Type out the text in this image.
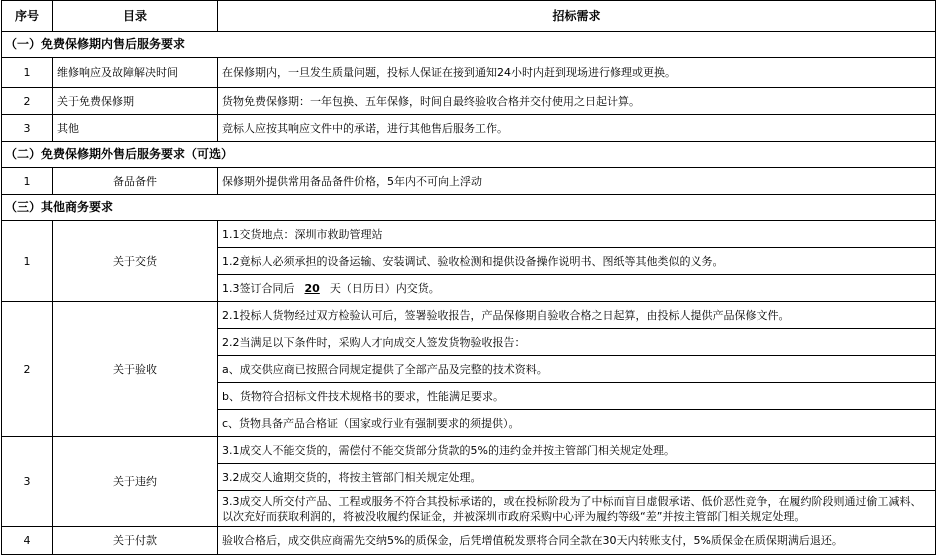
序号	目录	招标需求
（一）免费保修期内售后服务要求		
1	维修响应及故障解决时间	在保修期内，一旦发生质量问题，投标人保证在接到通知24小时内赶到现场进行修理或更换。
2	关于免费保修期	货物免费保修期：一年包换、五年保修，时间自最终验收合格并交付使用之日起计算。
3	其他	竞标人应按其响应文件中的承诺，进行其他售后服务工作。
（二）免费保修期外售后服务要求（可选）		
1	备品备件	保修期外提供常用备品备件价格，5年内不可向上浮动
（三）其他商务要求		
1	关于交货	1.1交货地点：深圳市救助管理站
		1.2竟标人必须承担的设备运输、安装调试、验收检测和提供设备操作说明书、图纸等其他类似的义务。
		1.3签订合同后 20 天（日历日）内交货。
2	关于验收	2.1投标人货物经过双方检验认可后，签署验收报告，产品保修期自验收合格之日起算，由投标人提供产品保修文件。
		2.2当满足以下条件时，采购人才向成交人签发货物验收报告：
		a、成交供应商已按照合同规定提供了全部产品及完整的技术资料。
		b、货物符合招标文件技术规格书的要求，性能满足要求。
		c、货物具备产品合格证（国家或行业有强制要求的须提供）。
3	关于违约	3.1成交人不能交货的，需偿付不能交货部分货款的5%的违约金并按主管部门相关规定处理。
		3.2成交人逾期交货的，将按主管部门相关规定处理。
		3.3成交人所交付产品、工程或服务不符合其投标承诺的，或在投标阶段为了中标而盲目虚假承诺、低价恶性竞争，在履约阶段则通过偷工减料、以次充好而获取利润的，将被没收履约保证金，并被深圳市政府采购中心评为履约等级“差”并按主管部门相关规定处理。
4	关于付款	验收合格后，成交供应商需先交纳5%的质保金，后凭增值税发票将合同全款在30天内转账支付，5%质保金在质保期满后退还。
